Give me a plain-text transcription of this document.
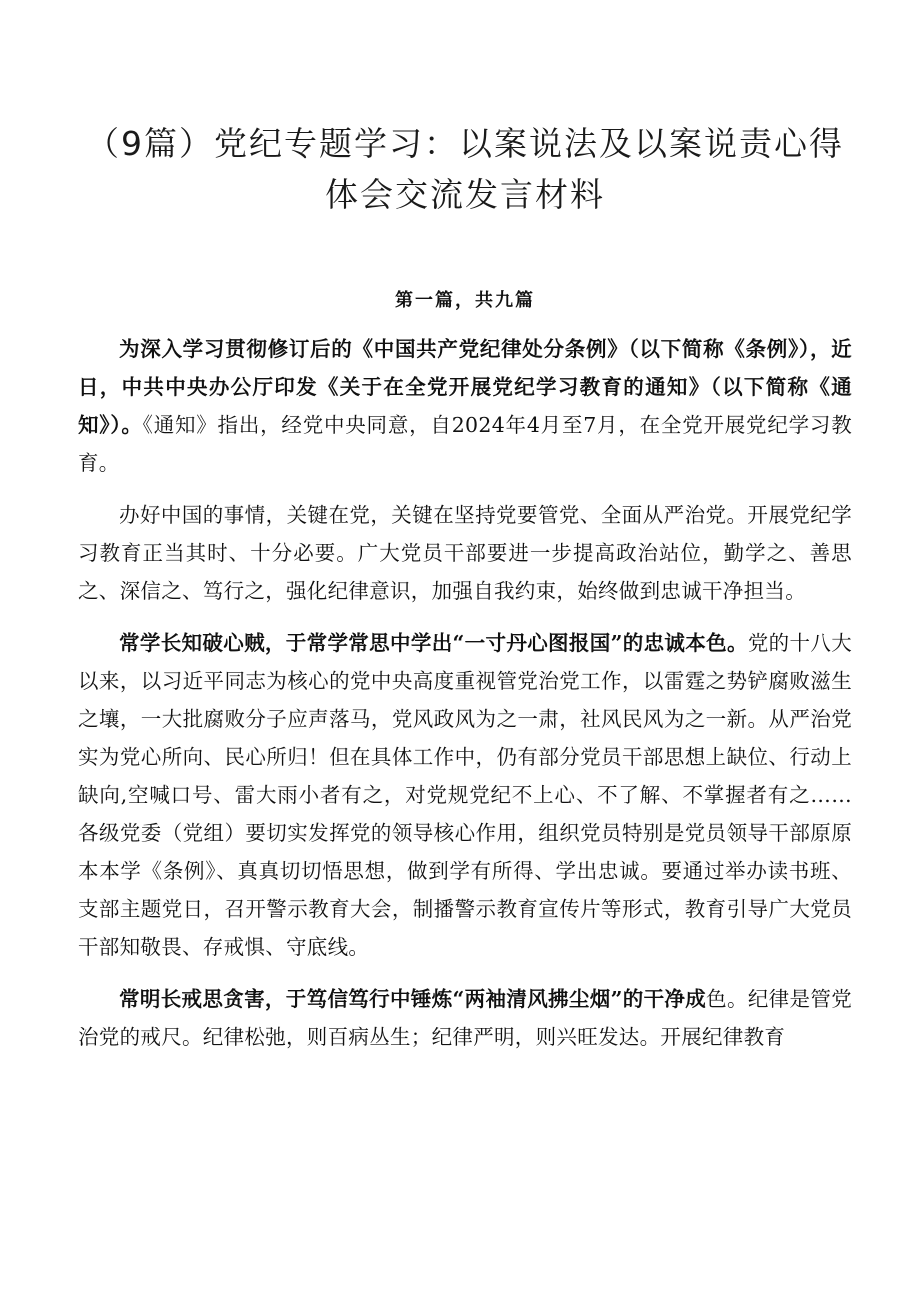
（9篇）党纪专题学习：以案说法及以案说责心得
体会交流发言材料
第一篇，共九篇

为深入学习贯彻修订后的《中国共产党纪律处分条例》（以下简称《条例》），近日，中共中央办公厅印发《关于在全党开展党纪学习教育的通知》（以下简称《通知》）。《通知》指出，经党中央同意，自2024年4月至7月，在全党开展党纪学习教育。

办好中国的事情，关键在党，关键在坚持党要管党、全面从严治党。开展党纪学习教育正当其时、十分必要。广大党员干部要进一步提高政治站位，勤学之、善思之、深信之、笃行之，强化纪律意识，加强自我约束，始终做到忠诚干净担当。

常学长知破心贼，于常学常思中学出“一寸丹心图报国”的忠诚本色。党的十八大以来，以习近平同志为核心的党中央高度重视管党治党工作，以雷霆之势铲腐败滋生之壤，一大批腐败分子应声落马，党风政风为之一肃，社风民风为之一新。从严治党实为党心所向、民心所归！但在具体工作中，仍有部分党员干部思想上缺位、行动上缺向,空喊口号、雷大雨小者有之，对党规党纪不上心、不了解、不掌握者有之……各级党委（党组）要切实发挥党的领导核心作用，组织党员特别是党员领导干部原原本本学《条例》、真真切切悟思想，做到学有所得、学出忠诚。要通过举办读书班、支部主题党日，召开警示教育大会，制播警示教育宣传片等形式，教育引导广大党员干部知敬畏、存戒惧、守底线。

常明长戒思贪害，于笃信笃行中锤炼“两袖清风拂尘烟”的干净成色。纪律是管党治党的戒尺。纪律松弛，则百病丛生；纪律严明，则兴旺发达。开展纪律教育
